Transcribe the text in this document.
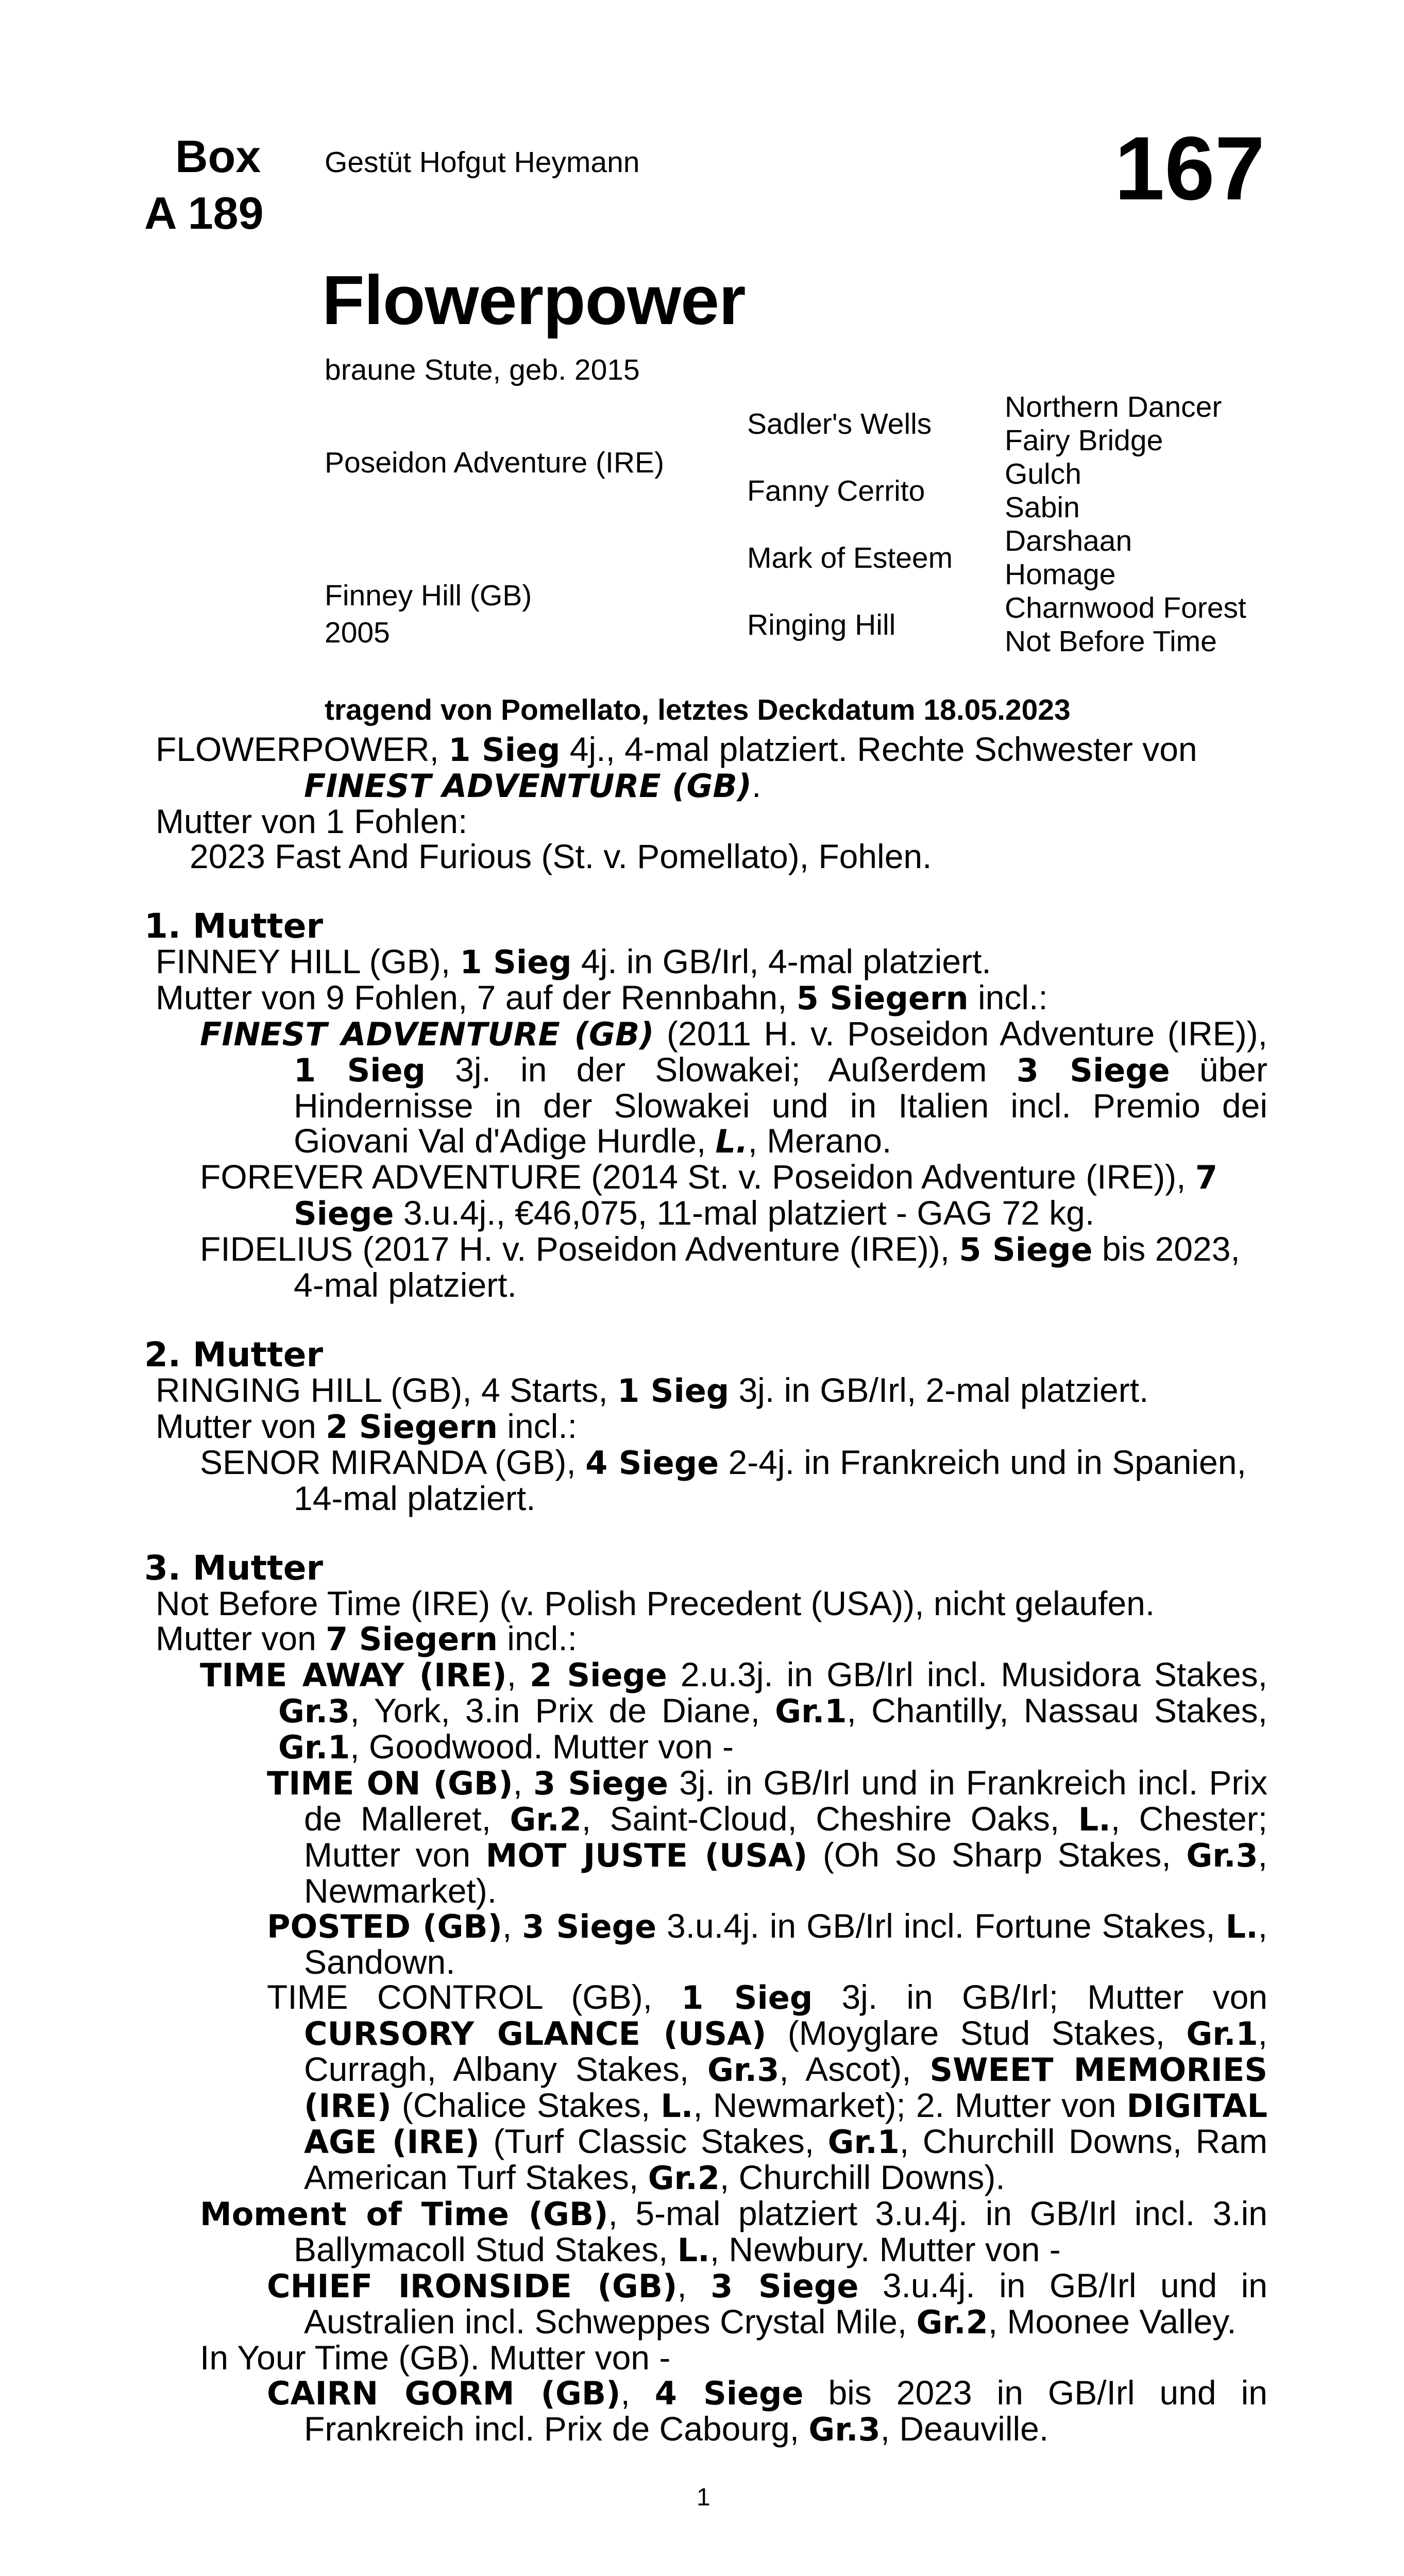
Box
A 189
Gestüt Hofgut Heymann	167
Flowerpower
braune Stute, geb. 2015
Poseidon Adventure (IRE)
Finney Hill (GB)
2005
Sadler's Wells
Fanny Cerrito
Mark of Esteem
Ringing Hill
Northern Dancer
Fairy Bridge
Gulch
Sabin
Darshaan
Homage
Charnwood Forest
Not Before Time
tragend von Pomellato, letztes Deckdatum 18.05.2023

FLOWERPOWER, 1 Sieg 4j., 4-mal platziert. Rechte Schwester von

FINEST ADVENTURE (GB).

Mutter von 1 Fohlen:

2023 Fast And Furious (St. v. Pomellato), Fohlen.

1. Mutter

FINNEY HILL (GB), 1 Sieg 4j. in GB/Irl, 4-mal platziert.

Mutter von 9 Fohlen, 7 auf der Rennbahn, 5 Siegern incl.:

FINEST ADVENTURE (GB) (2011 H. v. Poseidon Adventure (IRE)), 1 Sieg 3j. in der Slowakei; Außerdem 3 Siege über Hindernisse in der Slowakei und in Italien incl. Premio dei Giovani Val d'Adige Hurdle, L., Merano.

FOREVER ADVENTURE (2014 St. v. Poseidon Adventure (IRE)), 7 Siege 3.u.4j., €46,075, 11-mal platziert - GAG 72 kg.

FIDELIUS (2017 H. v. Poseidon Adventure (IRE)), 5 Siege bis 2023, 4-mal platziert.

2. Mutter

RINGING HILL (GB), 4 Starts, 1 Sieg 3j. in GB/Irl, 2-mal platziert.

Mutter von 2 Siegern incl.:

SENOR MIRANDA (GB), 4 Siege 2-4j. in Frankreich und in Spanien, 14-mal platziert.

3. Mutter

Not Before Time (IRE) (v. Polish Precedent (USA)), nicht gelaufen.

Mutter von 7 Siegern incl.:

TIME AWAY (IRE), 2 Siege 2.u.3j. in GB/Irl incl. Musidora Stakes, Gr.3, York, 3.in Prix de Diane, Gr.1, Chantilly, Nassau Stakes, Gr.1, Goodwood. Mutter von -

TIME ON (GB), 3 Siege 3j. in GB/Irl und in Frankreich incl. Prix de Malleret, Gr.2, Saint-Cloud, Cheshire Oaks, L., Chester; Mutter von MOT JUSTE (USA) (Oh So Sharp Stakes, Gr.3, Newmarket).

POSTED (GB), 3 Siege 3.u.4j. in GB/Irl incl. Fortune Stakes, L., Sandown.

TIME CONTROL (GB), 1 Sieg 3j. in GB/Irl; Mutter von CURSORY GLANCE (USA) (Moyglare Stud Stakes, Gr.1, Curragh, Albany Stakes, Gr.3, Ascot), SWEET MEMORIES (IRE) (Chalice Stakes, L., Newmarket); 2. Mutter von DIGITAL AGE (IRE) (Turf Classic Stakes, Gr.1, Churchill Downs, Ram American Turf Stakes, Gr.2, Churchill Downs).

Moment of Time (GB), 5-mal platziert 3.u.4j. in GB/Irl incl. 3.in Ballymacoll Stud Stakes, L., Newbury. Mutter von -

CHIEF IRONSIDE (GB), 3 Siege 3.u.4j. in GB/Irl und in Australien incl. Schweppes Crystal Mile, Gr.2, Moonee Valley.

In Your Time (GB). Mutter von -

CAIRN GORM (GB), 4 Siege bis 2023 in GB/Irl und in Frankreich incl. Prix de Cabourg, Gr.3, Deauville.

1
